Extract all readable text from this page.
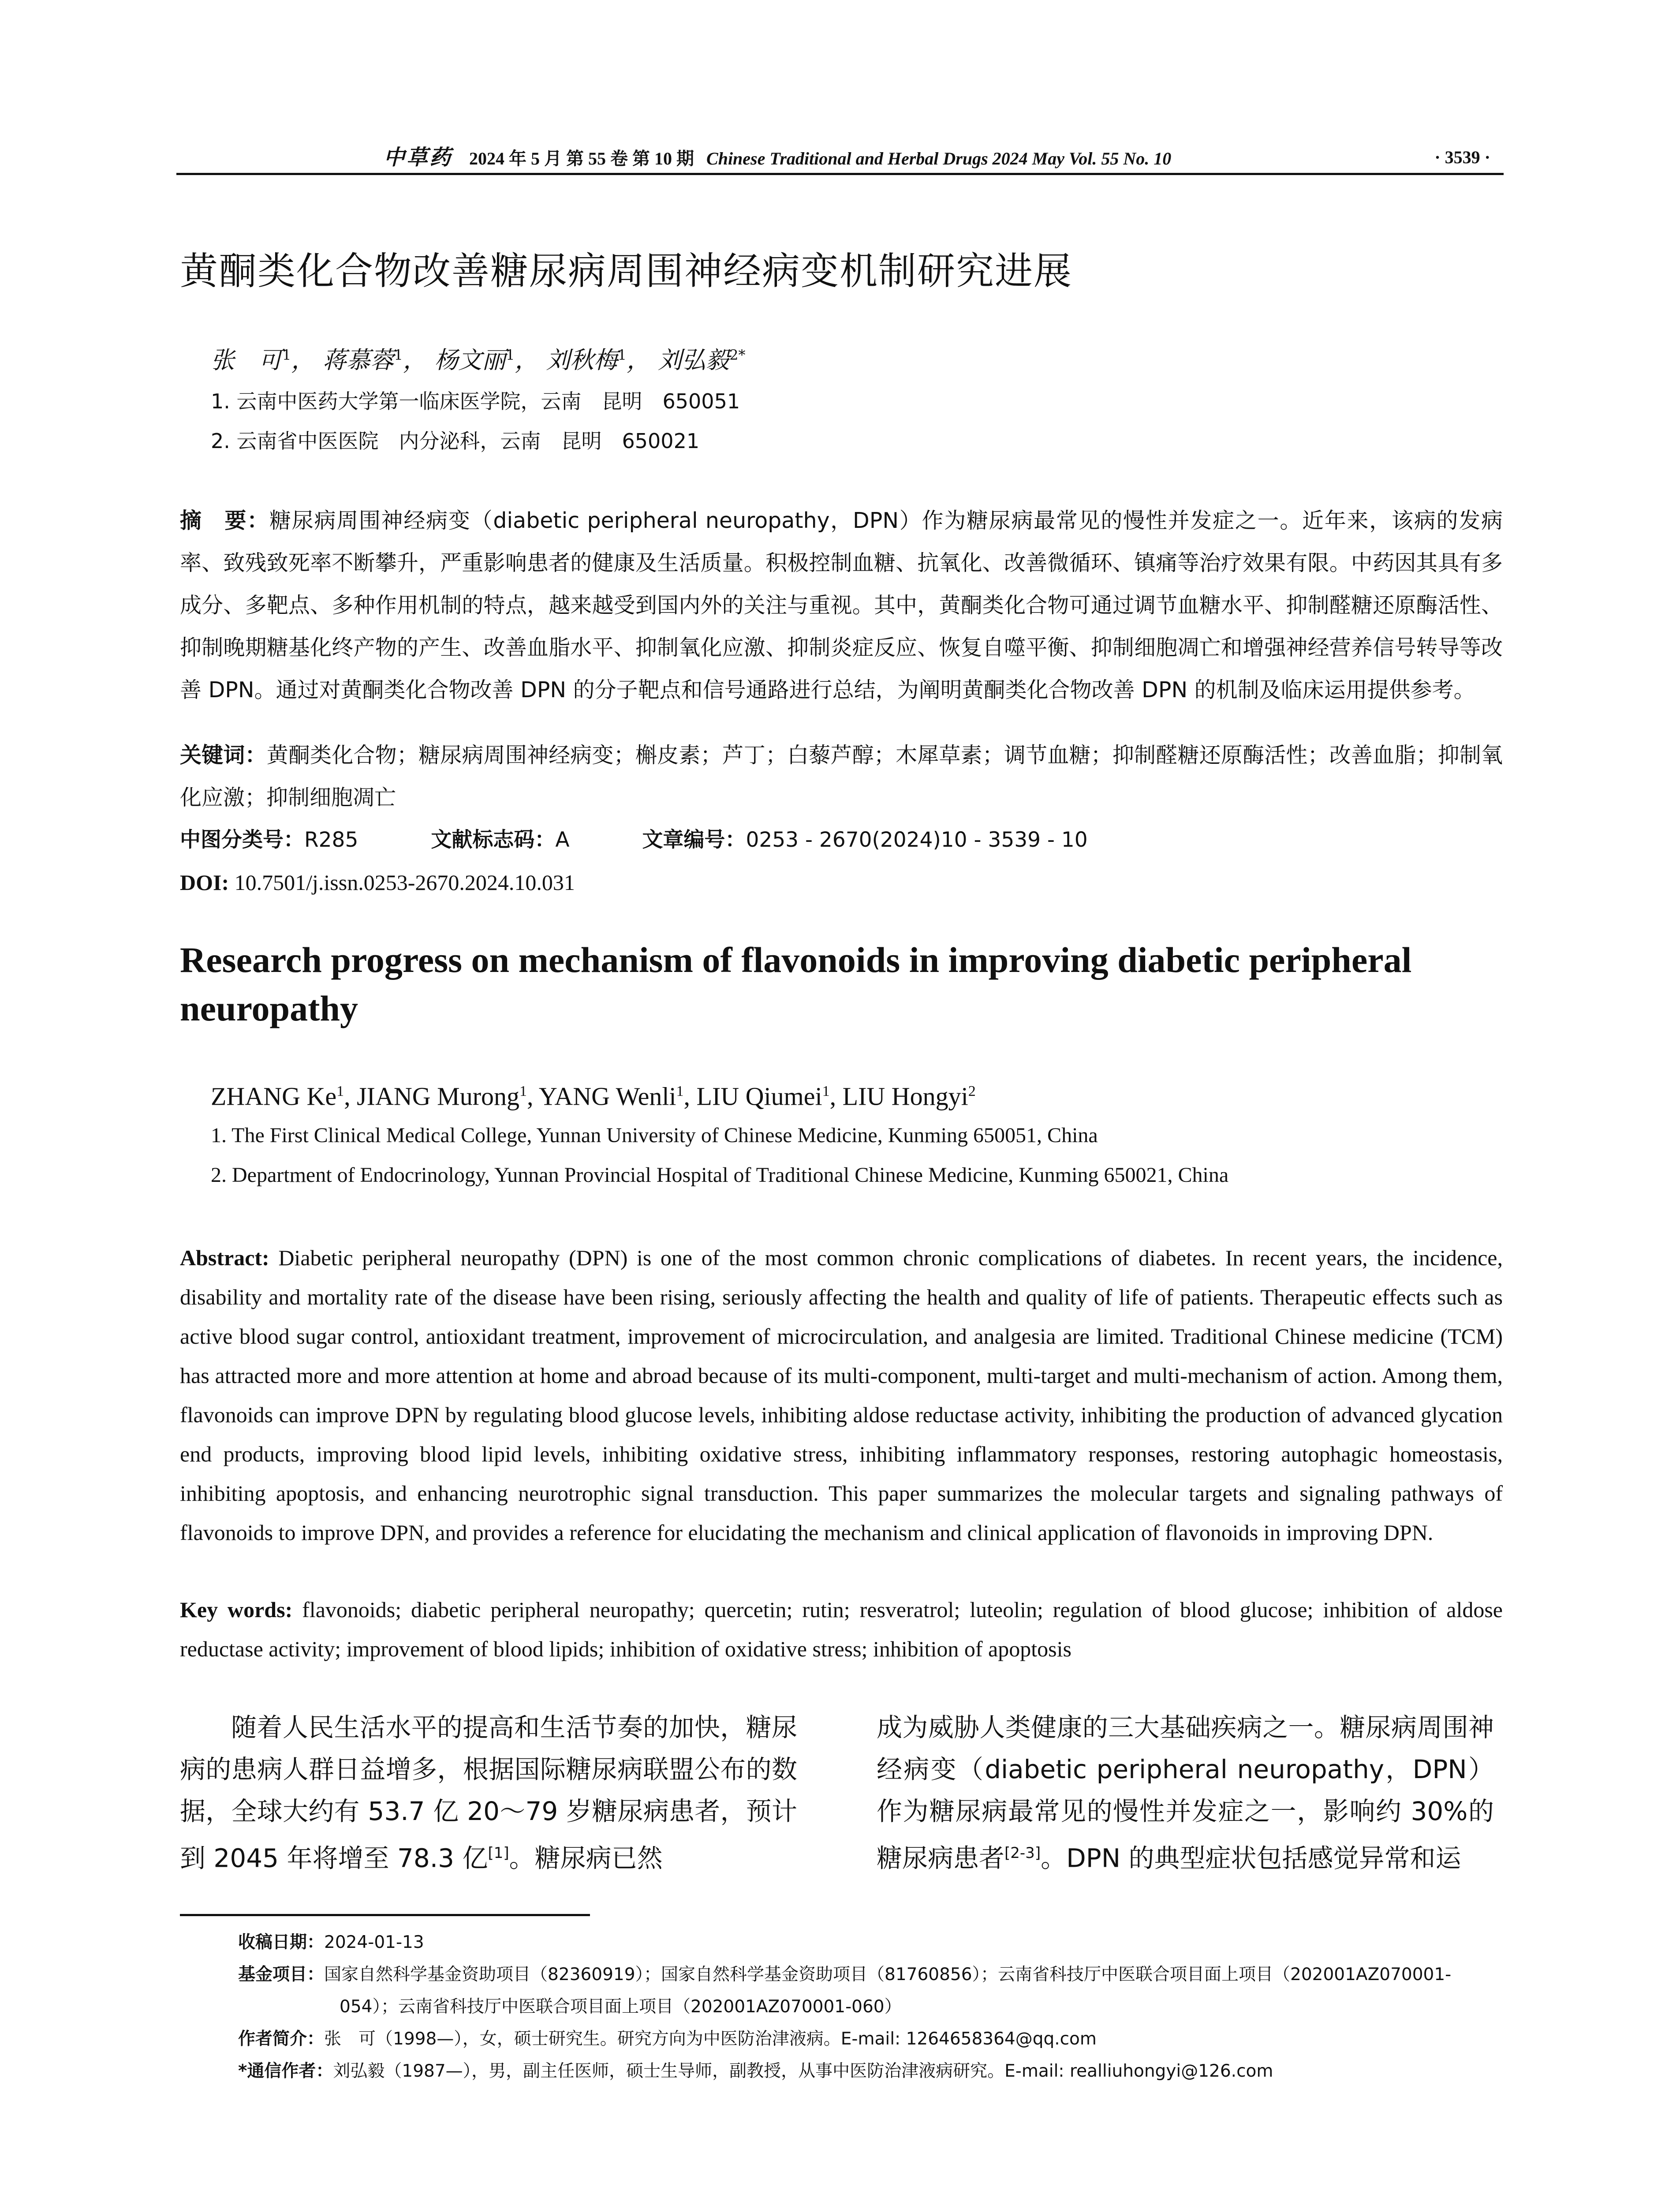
中草药 2024 年 5 月 第 55 卷 第 10 期 Chinese Traditional and Herbal Drugs 2024 May Vol. 55 No. 10	· 3539 ·
黄酮类化合物改善糖尿病周围神经病变机制研究进展
张　可$^1$， 蒋慕蓉$^1$， 杨文丽$^1$， 刘秋梅$^1$， 刘弘毅$^{2*}$
1. 云南中医药大学第一临床医学院，云南　昆明　650051
2. 云南省中医医院　内分泌科，云南　昆明　650021
摘　要：糖尿病周围神经病变（diabetic peripheral neuropathy，DPN）作为糖尿病最常见的慢性并发症之一。近年来，该病的发病率、致残致死率不断攀升，严重影响患者的健康及生活质量。积极控制血糖、抗氧化、改善微循环、镇痛等治疗效果有限。中药因其具有多成分、多靶点、多种作用机制的特点，越来越受到国内外的关注与重视。其中，黄酮类化合物可通过调节血糖水平、抑制醛糖还原酶活性、抑制晚期糖基化终产物的产生、改善血脂水平、抑制氧化应激、抑制炎症反应、恢复自噬平衡、抑制细胞凋亡和增强神经营养信号转导等改善 DPN。通过对黄酮类化合物改善 DPN 的分子靶点和信号通路进行总结，为阐明黄酮类化合物改善 DPN 的机制及临床运用提供参考。
关键词：黄酮类化合物；糖尿病周围神经病变；槲皮素；芦丁；白藜芦醇；木犀草素；调节血糖；抑制醛糖还原酶活性；改善血脂；抑制氧化应激；抑制细胞凋亡
中图分类号：R285	文献标志码：A	文章编号：0253 - 2670(2024)10 - 3539 - 10
DOI: 10.7501/j.issn.0253-2670.2024.10.031
Research progress on mechanism of flavonoids in improving diabetic peripheral neuropathy
ZHANG Ke$^1$, JIANG Murong$^1$, YANG Wenli$^1$, LIU Qiumei$^1$, LIU Hongyi$^2$
1. The First Clinical Medical College, Yunnan University of Chinese Medicine, Kunming 650051, China
2. Department of Endocrinology, Yunnan Provincial Hospital of Traditional Chinese Medicine, Kunming 650021, China
Abstract: Diabetic peripheral neuropathy (DPN) is one of the most common chronic complications of diabetes. In recent years, the incidence, disability and mortality rate of the disease have been rising, seriously affecting the health and quality of life of patients. Therapeutic effects such as active blood sugar control, antioxidant treatment, improvement of microcirculation, and analgesia are limited. Traditional Chinese medicine (TCM) has attracted more and more attention at home and abroad because of its multi-component, multi-target and multi-mechanism of action. Among them, flavonoids can improve DPN by regulating blood glucose levels, inhibiting aldose reductase activity, inhibiting the production of advanced glycation end products, improving blood lipid levels, inhibiting oxidative stress, inhibiting inflammatory responses, restoring autophagic homeostasis, inhibiting apoptosis, and enhancing neurotrophic signal transduction. This paper summarizes the molecular targets and signaling pathways of flavonoids to improve DPN, and provides a reference for elucidating the mechanism and clinical application of flavonoids in improving DPN.
Key words: flavonoids; diabetic peripheral neuropathy; quercetin; rutin; resveratrol; luteolin; regulation of blood glucose; inhibition of aldose reductase activity; improvement of blood lipids; inhibition of oxidative stress; inhibition of apoptosis
随着人民生活水平的提高和生活节奏的加快，糖尿病的患病人群日益增多，根据国际糖尿病联盟公布的数据，全球大约有 53.7 亿 20～79 岁糖尿病患者，预计到 2045 年将增至 78.3 亿[1]。糖尿病已然
成为威胁人类健康的三大基础疾病之一。糖尿病周围神经病变（diabetic peripheral neuropathy，DPN）作为糖尿病最常见的慢性并发症之一，影响约 30%的糖尿病患者[2-3]。DPN 的典型症状包括感觉异常和运
收稿日期：2024-01-13
基金项目：国家自然科学基金资助项目（82360919）；国家自然科学基金资助项目（81760856）；云南省科技厅中医联合项目面上项目（202001AZ070001-054）；云南省科技厅中医联合项目面上项目（202001AZ070001-060）
作者简介：张　可（1998—），女，硕士研究生。研究方向为中医防治津液病。E-mail: 1264658364@qq.com
*通信作者：刘弘毅（1987—），男，副主任医师，硕士生导师，副教授，从事中医防治津液病研究。E-mail: realliuhongyi@126.com
